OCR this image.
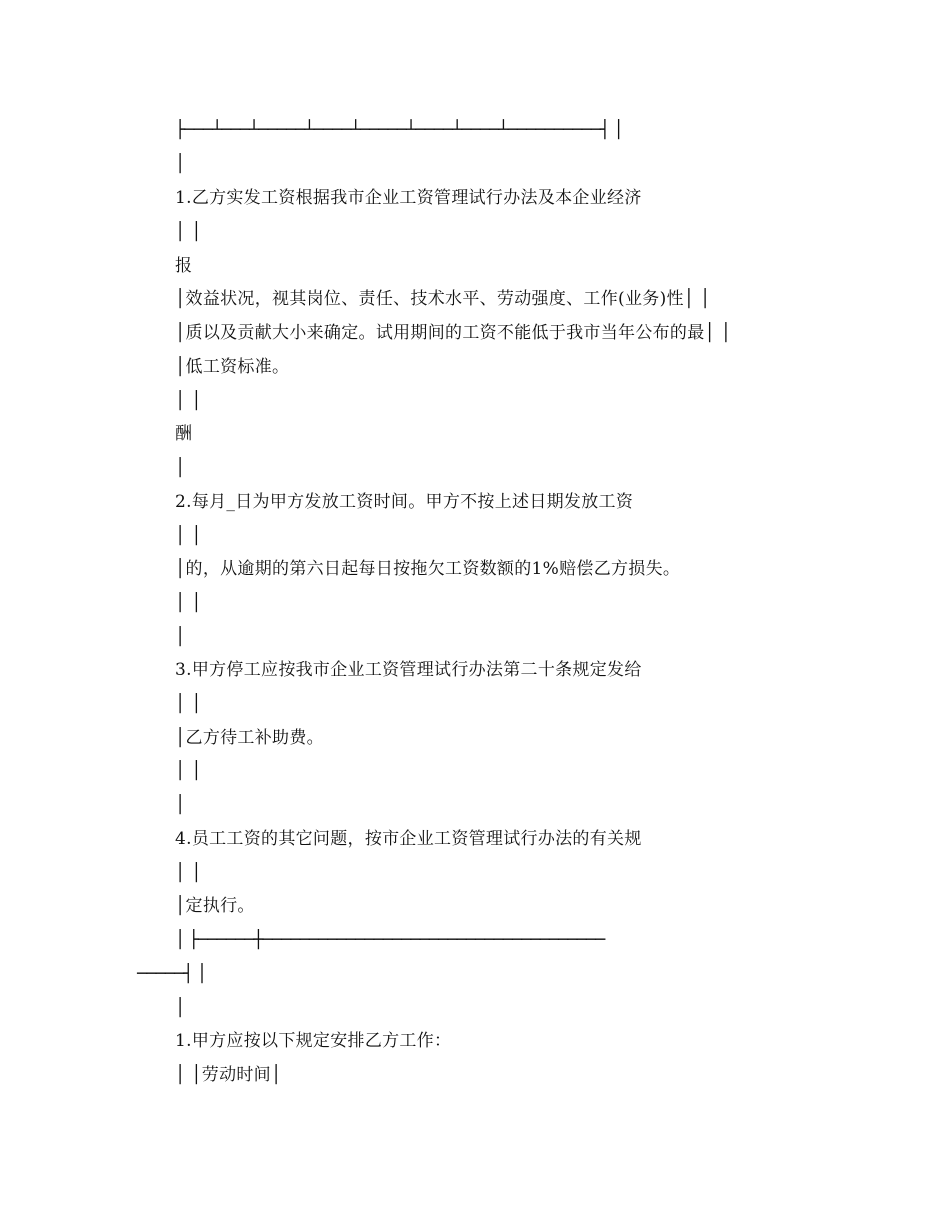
├───┴───┴─────┴────┴─────┴────┴────┴──────────┤ │
│
1.乙方实发工资根据我市企业工资管理试行办法及本企业经济
│ │
报
│效益状况，视其岗位、责任、技术水平、劳动强度、工作(业务)性│ │
│质以及贡献大小来确定。试用期间的工资不能低于我市当年公布的最│ │
│低工资标准。
│ │
酬
│
2.每月_日为甲方发放工资时间。甲方不按上述日期发放工资
│ │
│的，从逾期的第六日起每日按拖欠工资数额的1%赔偿乙方损失。
│ │
│
3.甲方停工应按我市企业工资管理试行办法第二十条规定发给
│ │
│乙方待工补助费。
│ │
│
4.员工工资的其它问题，按市企业工资管理试行办法的有关规
│ │
│定执行。
│ ├──────┼─────────────────────────────────────
─────┤ │
│
1.甲方应按以下规定安排乙方工作：
│ │劳动时间│
